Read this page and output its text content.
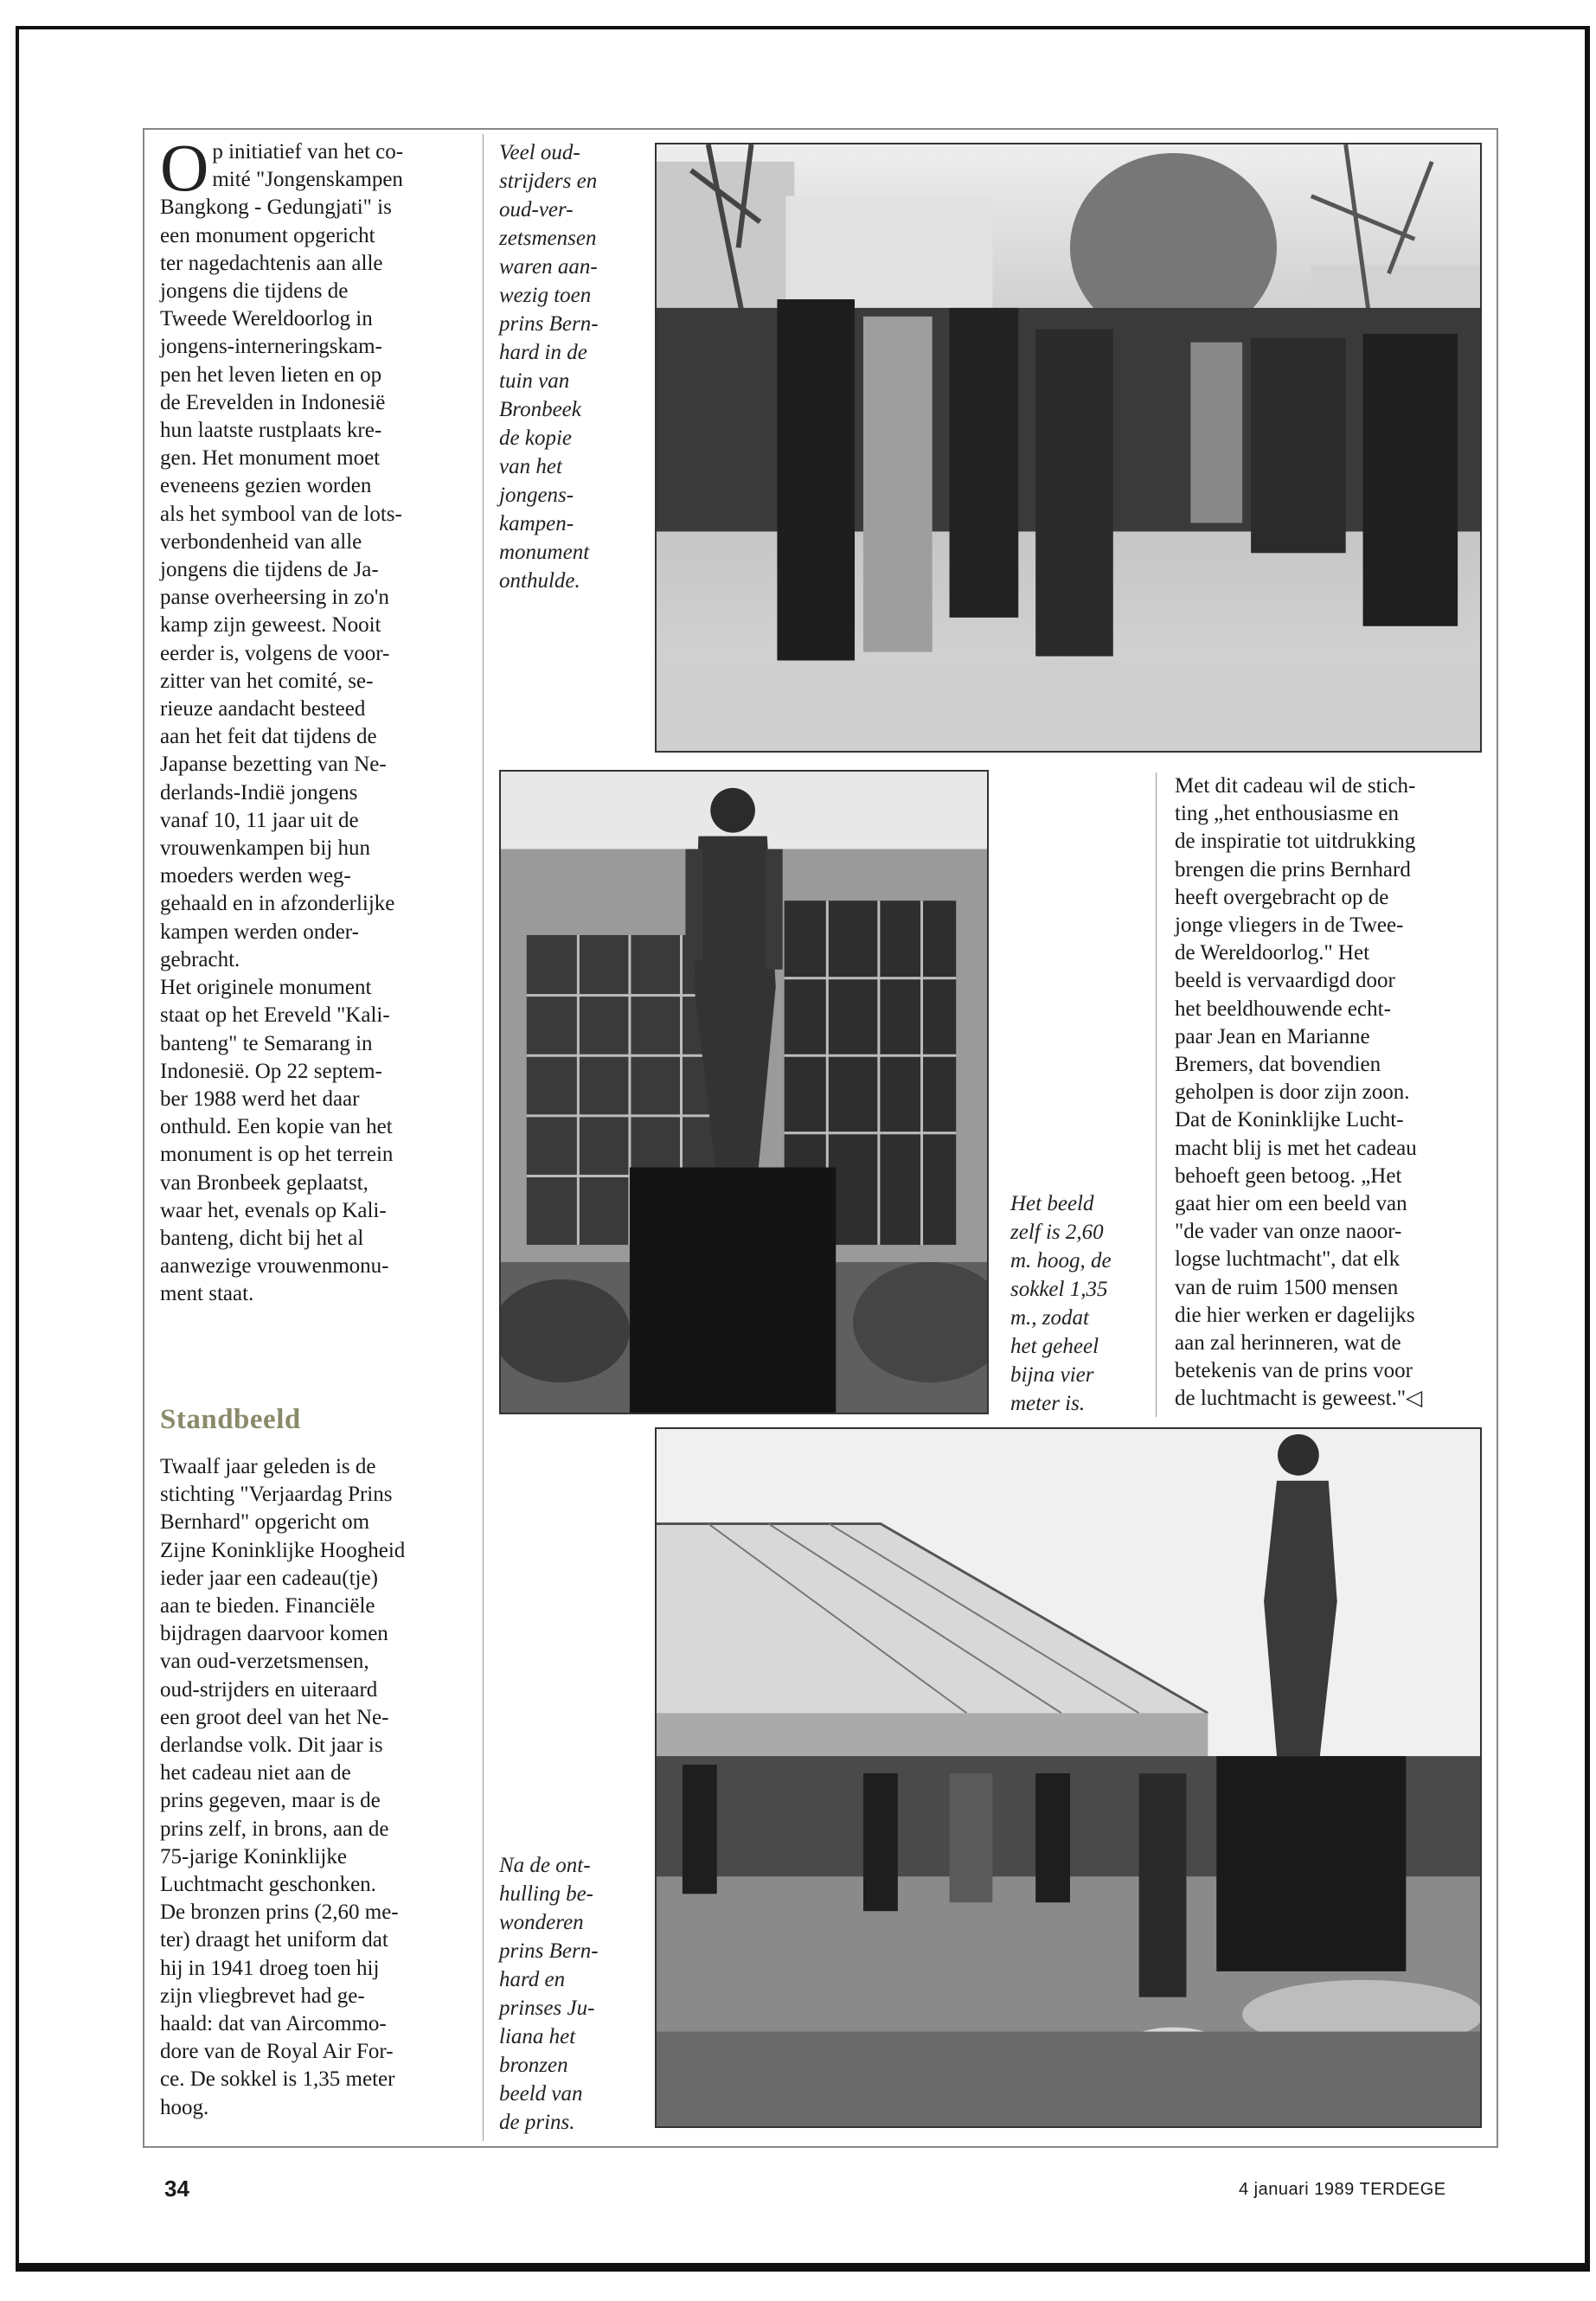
O p initiatief van het co-
mité "Jongenskampen
Bangkong - Gedungjati" is
een monument opgericht
ter nagedachtenis aan alle
jongens die tijdens de
Tweede Wereldoorlog in
jongens-interneringskam-
pen het leven lieten en op
de Erevelden in Indonesië
hun laatste rustplaats kre-
gen. Het monument moet
eveneens gezien worden
als het symbool van de lots-
verbondenheid van alle
jongens die tijdens de Ja-
panse overheersing in zo'n
kamp zijn geweest. Nooit
eerder is, volgens de voor-
zitter van het comité, se-
rieuze aandacht besteed
aan het feit dat tijdens de
Japanse bezetting van Ne-
derlands-Indië jongens
vanaf 10, 11 jaar uit de
vrouwenkampen bij hun
moeders werden weg-
gehaald en in afzonderlijke
kampen werden onder-
gebracht.

Het originele monument
staat op het Ereveld "Kali-
banteng" te Semarang in
Indonesië. Op 22 septem-
ber 1988 werd het daar
onthuld. Een kopie van het
monument is op het terrein
van Bronbeek geplaatst,
waar het, evenals op Kali-
banteng, dicht bij het al
aanwezige vrouwenmonu-
ment staat.

Standbeeld

Twaalf jaar geleden is de
stichting "Verjaardag Prins
Bernhard" opgericht om
Zijne Koninklijke Hoogheid
ieder jaar een cadeau(tje)
aan te bieden. Financiële
bijdragen daarvoor komen
van oud-verzetsmensen,
oud-strijders en uiteraard
een groot deel van het Ne-
derlandse volk. Dit jaar is
het cadeau niet aan de
prins gegeven, maar is de
prins zelf, in brons, aan de
75-jarige Koninklijke
Luchtmacht geschonken.
De bronzen prins (2,60 me-
ter) draagt het uniform dat
hij in 1941 droeg toen hij
zijn vliegbrevet had ge-
haald: dat van Aircommo-
dore van de Royal Air For-
ce. De sokkel is 1,35 meter
hoog.

Met dit cadeau wil de stich-
ting „het enthousiasme en
de inspiratie tot uitdrukking
brengen die prins Bernhard
heeft overgebracht op de
jonge vliegers in de Twee-
de Wereldoorlog." Het
beeld is vervaardigd door
het beeldhouwende echt-
paar Jean en Marianne
Bremers, dat bovendien
geholpen is door zijn zoon.
Dat de Koninklijke Lucht-
macht blij is met het cadeau
behoeft geen betoog. „Het
gaat hier om een beeld van
"de vader van onze naoor-
logse luchtmacht", dat elk
van de ruim 1500 mensen
die hier werken er dagelijks
aan zal herinneren, wat de
betekenis van de prins voor
de luchtmacht is geweest."◁

Veel oud-
strijders en
oud-ver-
zetsmensen
waren aan-
wezig toen
prins Bern-
hard in de
tuin van
Bronbeek
de kopie
van het
jongens-
kampen-
monument
onthulde.
Het beeld
zelf is 2,60
m. hoog, de
sokkel 1,35
m., zodat
het geheel
bijna vier
meter is.
Na de ont-
hulling be-
wonderen
prins Bern-
hard en
prinses Ju-
liana het
bronzen
beeld van
de prins.
34	4 januari 1989 TERDEGE
